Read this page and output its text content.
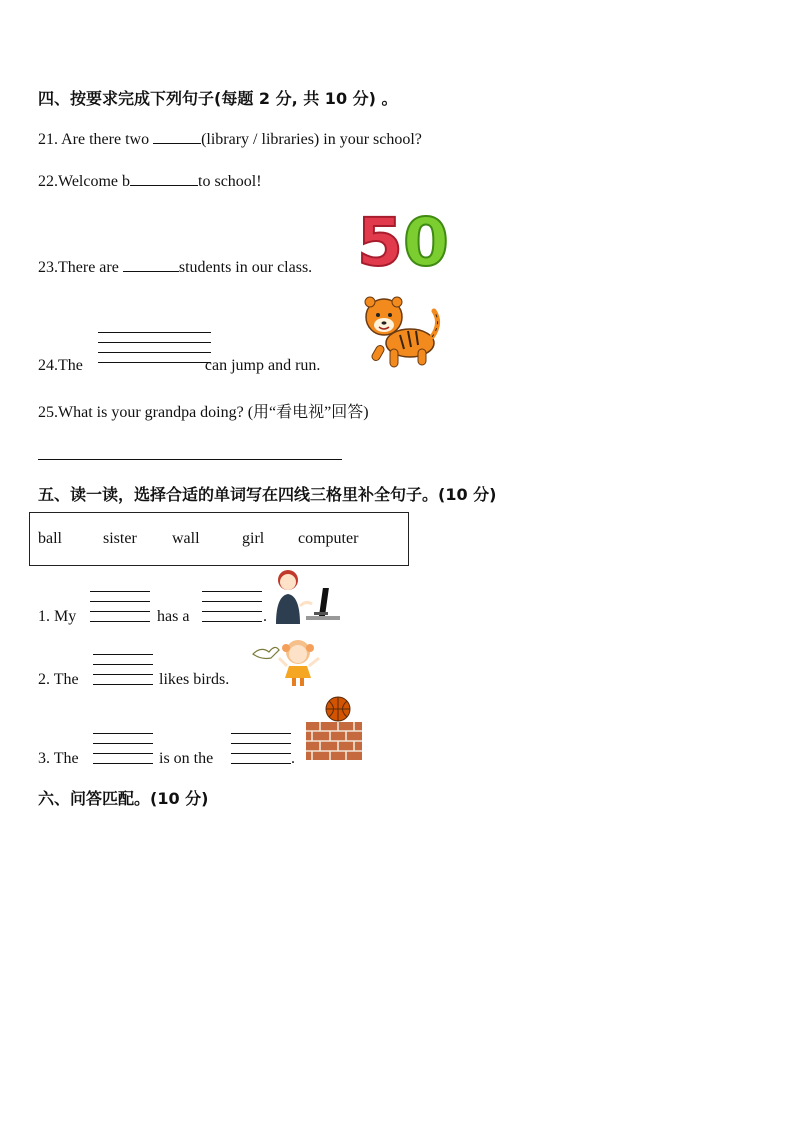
四、按要求完成下列句子(每题 2 分, 共 10 分) 。
21. Are there two	(library / libraries) in your school?
22.Welcome b	to school!
23.There are	students in our class. 50
24.The	can jump and run.
25.What is your grandpa doing? (用“看电视”回答)
五、读一读，选择合适的单词写在四线三格里补全句子。(10 分)
ball	sister wall	girl computer
1. My	has a	.
2. The	likes birds.
3. The	is on the	.
六、问答匹配。(10 分)
